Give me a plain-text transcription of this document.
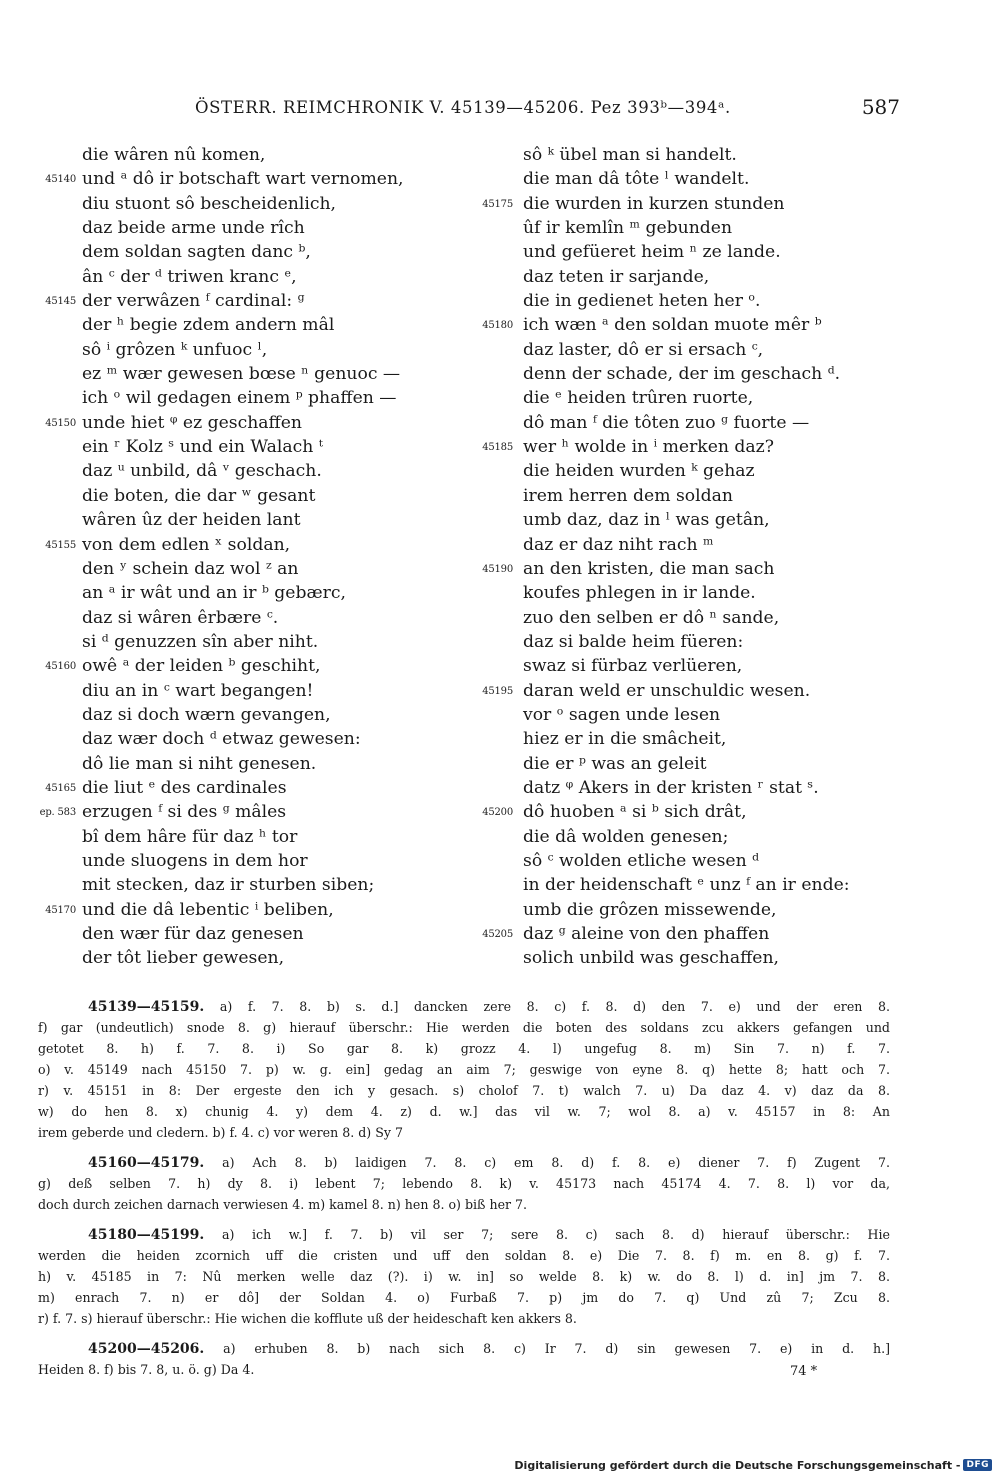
ÖSTERR. REIMCHRONIK V. 45139—45206. Pez 393ᵇ—394ᵃ.	587
die wâren nû komen,
45140 und ᵃ dô ir botschaft wart vernomen,
diu stuont sô bescheidenlich,
daz beide arme unde rîch
dem soldan sagten danc ᵇ,
ân ᶜ der ᵈ triwen kranc ᵉ,
45145 der verwâzen ᶠ cardinal: ᵍ
der ʰ begie zdem andern mâl
sô ⁱ grôzen ᵏ unfuoc ˡ,
ez ᵐ wær gewesen bœse ⁿ genuoc —
ich ᵒ wil gedagen einem ᵖ phaffen —
45150 unde hiet ᵠ ez geschaffen
ein ʳ Kolz ˢ und ein Walach ᵗ
daz ᵘ unbild, dâ ᵛ geschach.
die boten, die dar ʷ gesant
wâren ûz der heiden lant
45155 von dem edlen ˣ soldan,
den ʸ schein daz wol ᶻ an
an ᵃ ir wât und an ir ᵇ gebærc,
daz si wâren êrbære ᶜ.
si ᵈ genuzzen sîn aber niht.
45160 owê ᵃ der leiden ᵇ geschiht,
diu an in ᶜ wart begangen!
daz si doch wærn gevangen,
daz wær doch ᵈ etwaz gewesen:
dô lie man si niht genesen.
45165 die liut ᵉ des cardinales
ep. 583 erzugen ᶠ si des ᵍ mâles
bî dem hâre für daz ʰ tor
unde sluogens in dem hor
mit stecken, daz ir sturben siben;
45170 und die dâ lebentic ⁱ beliben,
den wær für daz genesen
der tôt lieber gewesen,
sô ᵏ übel man si handelt.
die man dâ tôte ˡ wandelt.
45175 die wurden in kurzen stunden
ûf ir kemlîn ᵐ gebunden
und gefüeret heim ⁿ ze lande.
daz teten ir sarjande,
die in gedienet heten her ᵒ.
45180 ich wæn ᵃ den soldan muote mêr ᵇ
daz laster, dô er si ersach ᶜ,
denn der schade, der im geschach ᵈ.
die ᵉ heiden trûren ruorte,
dô man ᶠ die tôten zuo ᵍ fuorte —
45185 wer ʰ wolde in ⁱ merken daz?
die heiden wurden ᵏ gehaz
irem herren dem soldan
umb daz, daz in ˡ was getân,
daz er daz niht rach ᵐ
45190 an den kristen, die man sach
koufes phlegen in ir lande.
zuo den selben er dô ⁿ sande,
daz si balde heim füeren:
swaz si fürbaz verlüeren,
45195 daran weld er unschuldic wesen.
vor ᵒ sagen unde lesen
hiez er in die smâcheit,
die er ᵖ was an geleit
datz ᵠ Akers in der kristen ʳ stat ˢ.
45200 dô huoben ᵃ si ᵇ sich drât,
die dâ wolden genesen;
sô ᶜ wolden etliche wesen ᵈ
in der heidenschaft ᵉ unz ᶠ an ir ende:
umb die grôzen missewende,
45205 daz ᵍ aleine von den phaffen
solich unbild was geschaffen,
45139—45159. a) f. 7. 8. b) s. d.] dancken zere 8. c) f. 8. d) den 7. e) und der eren 8.
f) gar (undeutlich) snode 8. g) hierauf überschr.: Hie werden die boten des soldans zcu akkers gefangen und
getotet 8. h) f. 7. 8. i) So gar 8. k) grozz 4. l) ungefug 8. m) Sin 7. n) f. 7.
o) v. 45149 nach 45150 7. p) w. g. ein] gedag an aim 7; geswige von eyne 8. q) hette 8; hatt och 7.
r) v. 45151 in 8: Der ergeste den ich y gesach. s) cholof 7. t) walch 7. u) Da daz 4. v) daz da 8.
w) do hen 8. x) chunig 4. y) dem 4. z) d. w.] das vil w. 7; wol 8. a) v. 45157 in 8: An
irem geberde und cledern. b) f. 4. c) vor weren 8. d) Sy 7
45160—45179. a) Ach 8. b) laidigen 7. 8. c) em 8. d) f. 8. e) diener 7. f) Zugent 7.
g) deß selben 7. h) dy 8. i) lebent 7; lebendo 8. k) v. 45173 nach 45174 4. 7. 8. l) vor da,
doch durch zeichen darnach verwiesen 4. m) kamel 8. n) hen 8. o) biß her 7.
45180—45199. a) ich w.] f. 7. b) vil ser 7; sere 8. c) sach 8. d) hierauf überschr.: Hie
werden die heiden zcornich uff die cristen und uff den soldan 8. e) Die 7. 8. f) m. en 8. g) f. 7.
h) v. 45185 in 7: Nû merken welle daz (?). i) w. in] so welde 8. k) w. do 8. l) d. in] jm 7. 8.
m) enrach 7. n) er dô] der Soldan 4. o) Furbaß 7. p) jm do 7. q) Und zû 7; Zcu 8.
r) f. 7. s) hierauf überschr.: Hie wichen die kofflute uß der heideschaft ken akkers 8.
45200—45206. a) erhuben 8. b) nach sich 8. c) Ir 7. d) sin gewesen 7. e) in d. h.]
Heiden 8. f) bis 7. 8, u. ö. g) Da 4.	74 *
Digitalisierung gefördert durch die Deutsche Forschungsgemeinschaft - DFG
